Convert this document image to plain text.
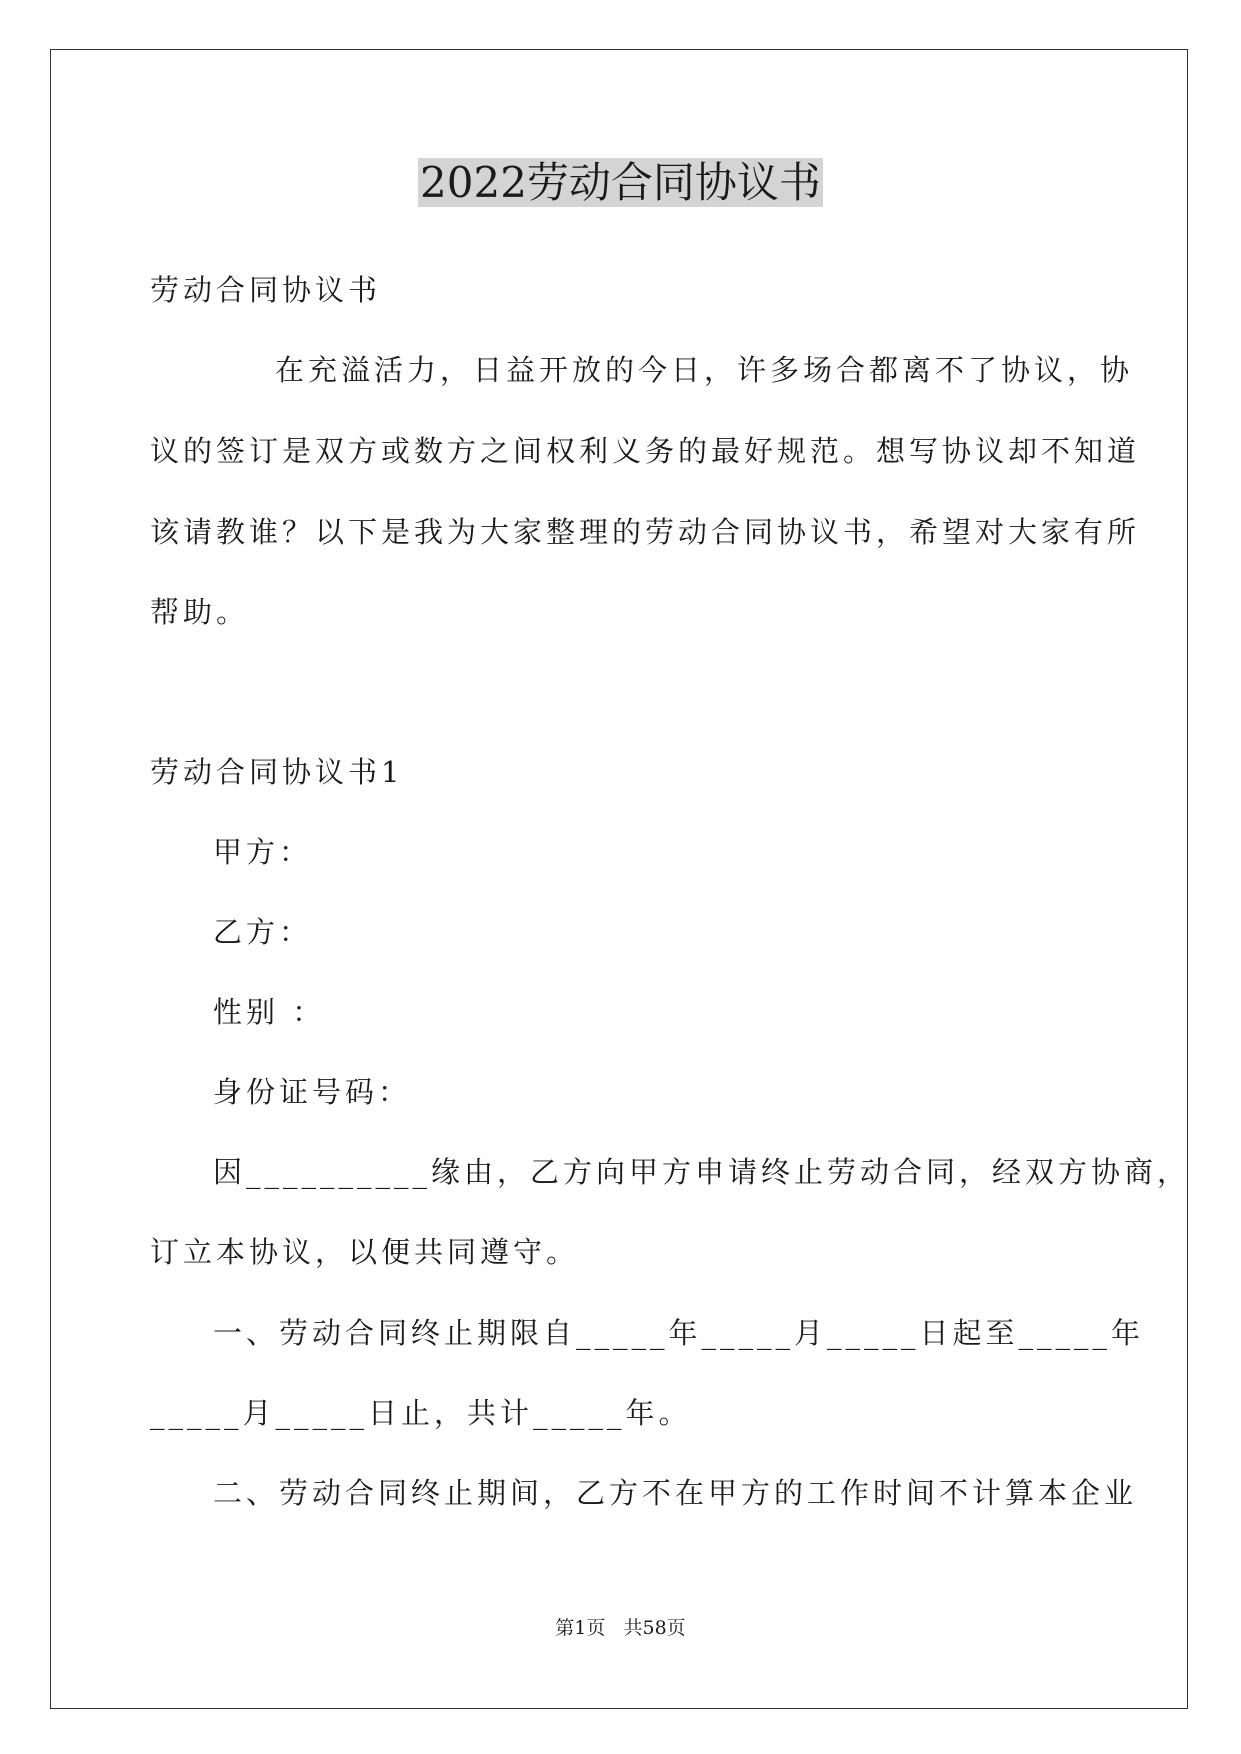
2022劳动合同协议书
劳动合同协议书
在充溢活力，日益开放的今日，许多场合都离不了协议，协
议的签订是双方或数方之间权利义务的最好规范。想写协议却不知道
该请教谁？以下是我为大家整理的劳动合同协议书，希望对大家有所
帮助。
劳动合同协议书1
甲方：
乙方：
性别 ：
身份证号码：
因__________缘由，乙方向甲方申请终止劳动合同，经双方协商，
订立本协议，以便共同遵守。
一、劳动合同终止期限自_____年_____月_____日起至_____年
_____月_____日止，共计_____年。
二、劳动合同终止期间，乙方不在甲方的工作时间不计算本企业
第1页   共58页
